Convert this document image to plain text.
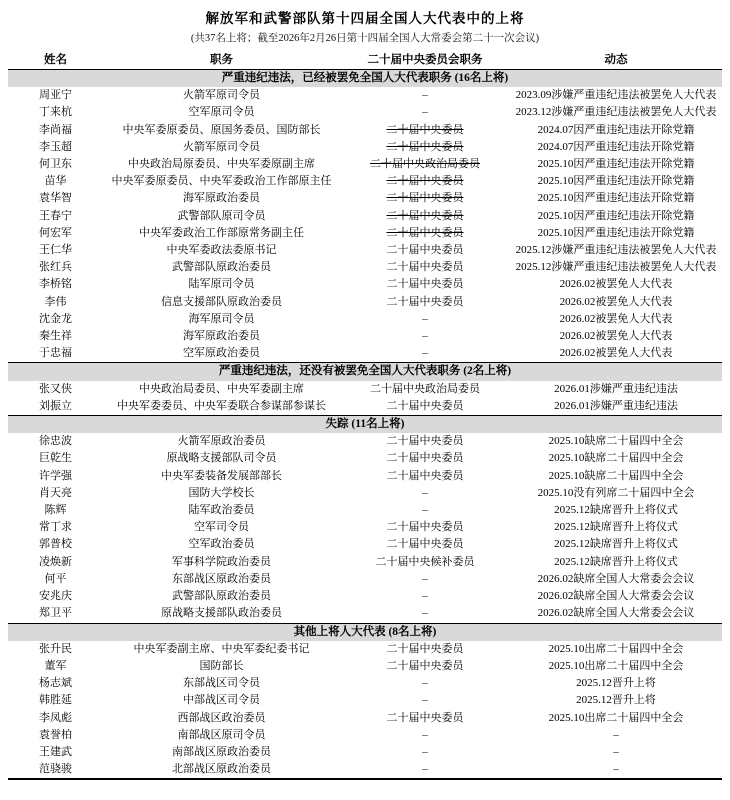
解放军和武警部队第十四届全国人大代表中的上将
(共37名上将；截至2026年2月26日第十四届全国人大常委会第二十一次会议)
姓名	职务	二十届中央委员会职务	动态
严重违纪违法，已经被罢免全国人大代表职务 (16名上将)			
周亚宁	火箭军原司令员	–	2023.09涉嫌严重违纪违法被罢免人大代表
丁来杭	空军原司令员	–	2023.12涉嫌严重违纪违法被罢免人大代表
李尚福	中央军委原委员、原国务委员、国防部长	二十届中央委员	2024.07因严重违纪违法开除党籍
李玉超	火箭军原司令员	二十届中央委员	2024.07因严重违纪违法开除党籍
何卫东	中央政治局原委员、中央军委原副主席	二十届中央政治局委员	2025.10因严重违纪违法开除党籍
苗华	中央军委原委员、中央军委政治工作部原主任	二十届中央委员	2025.10因严重违纪违法开除党籍
袁华智	海军原政治委员	二十届中央委员	2025.10因严重违纪违法开除党籍
王春宁	武警部队原司令员	二十届中央委员	2025.10因严重违纪违法开除党籍
何宏军	中央军委政治工作部原常务副主任	二十届中央委员	2025.10因严重违纪违法开除党籍
王仁华	中央军委政法委原书记	二十届中央委员	2025.12涉嫌严重违纪违法被罢免人大代表
张红兵	武警部队原政治委员	二十届中央委员	2025.12涉嫌严重违纪违法被罢免人大代表
李桥铭	陆军原司令员	二十届中央委员	2026.02被罢免人大代表
李伟	信息支援部队原政治委员	二十届中央委员	2026.02被罢免人大代表
沈金龙	海军原司令员	–	2026.02被罢免人大代表
秦生祥	海军原政治委员	–	2026.02被罢免人大代表
于忠福	空军原政治委员	–	2026.02被罢免人大代表
严重违纪违法，还没有被罢免全国人大代表职务 (2名上将)			
张又侠	中央政治局委员、中央军委副主席	二十届中央政治局委员	2026.01涉嫌严重违纪违法
刘振立	中央军委委员、中央军委联合参谋部参谋长	二十届中央委员	2026.01涉嫌严重违纪违法
失踪 (11名上将)			
徐忠波	火箭军原政治委员	二十届中央委员	2025.10缺席二十届四中全会
巨乾生	原战略支援部队司令员	二十届中央委员	2025.10缺席二十届四中全会
许学强	中央军委装备发展部部长	二十届中央委员	2025.10缺席二十届四中全会
肖天亮	国防大学校长	–	2025.10没有列席二十届四中全会
陈辉	陆军政治委员	–	2025.12缺席晋升上将仪式
常丁求	空军司令员	二十届中央委员	2025.12缺席晋升上将仪式
郭普校	空军政治委员	二十届中央委员	2025.12缺席晋升上将仪式
凌焕新	军事科学院政治委员	二十届中央候补委员	2025.12缺席晋升上将仪式
何平	东部战区原政治委员	–	2026.02缺席全国人大常委会会议
安兆庆	武警部队原政治委员	–	2026.02缺席全国人大常委会会议
郑卫平	原战略支援部队政治委员	–	2026.02缺席全国人大常委会会议
其他上将人大代表 (8名上将)			
张升民	中央军委副主席、中央军委纪委书记	二十届中央委员	2025.10出席二十届四中全会
董军	国防部长	二十届中央委员	2025.10出席二十届四中全会
杨志斌	东部战区司令员	–	2025.12晋升上将
韩胜延	中部战区司令员	–	2025.12晋升上将
李凤彪	西部战区政治委员	二十届中央委员	2025.10出席二十届四中全会
袁誉柏	南部战区原司令员	–	–
王建武	南部战区原政治委员	–	–
范骁骏	北部战区原政治委员	–	–
